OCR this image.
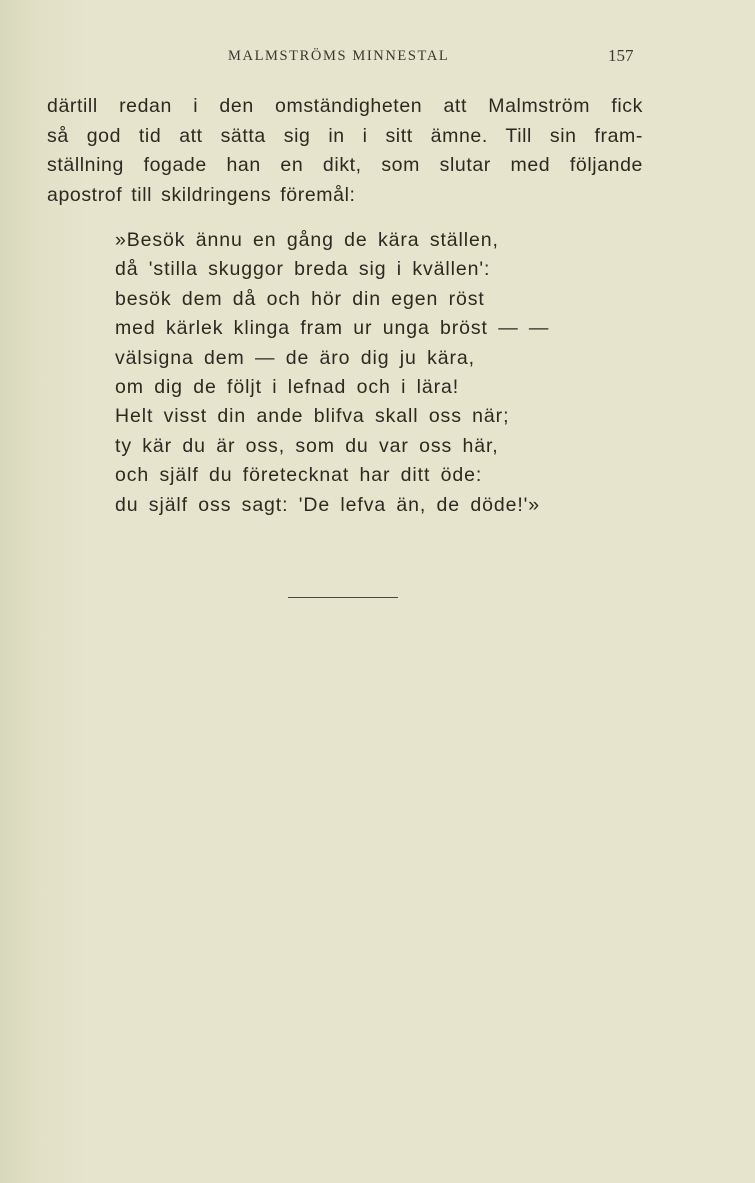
MALMSTRÖMS MINNESTAL	157
därtill redan i den omständigheten att Malmström fick
så god tid att sätta sig in i sitt ämne. Till sin fram-
ställning fogade han en dikt, som slutar med följande
apostrof till skildringens föremål:
»Besök ännu en gång de kära ställen,
då 'stilla skuggor breda sig i kvällen':
besök dem då och hör din egen röst
med kärlek klinga fram ur unga bröst — —
välsigna dem — de äro dig ju kära,
om dig de följt i lefnad och i lära!
Helt visst din ande blifva skall oss när;
ty kär du är oss, som du var oss här,
och själf du företecknat har ditt öde:
du själf oss sagt: 'De lefva än, de döde!'»
